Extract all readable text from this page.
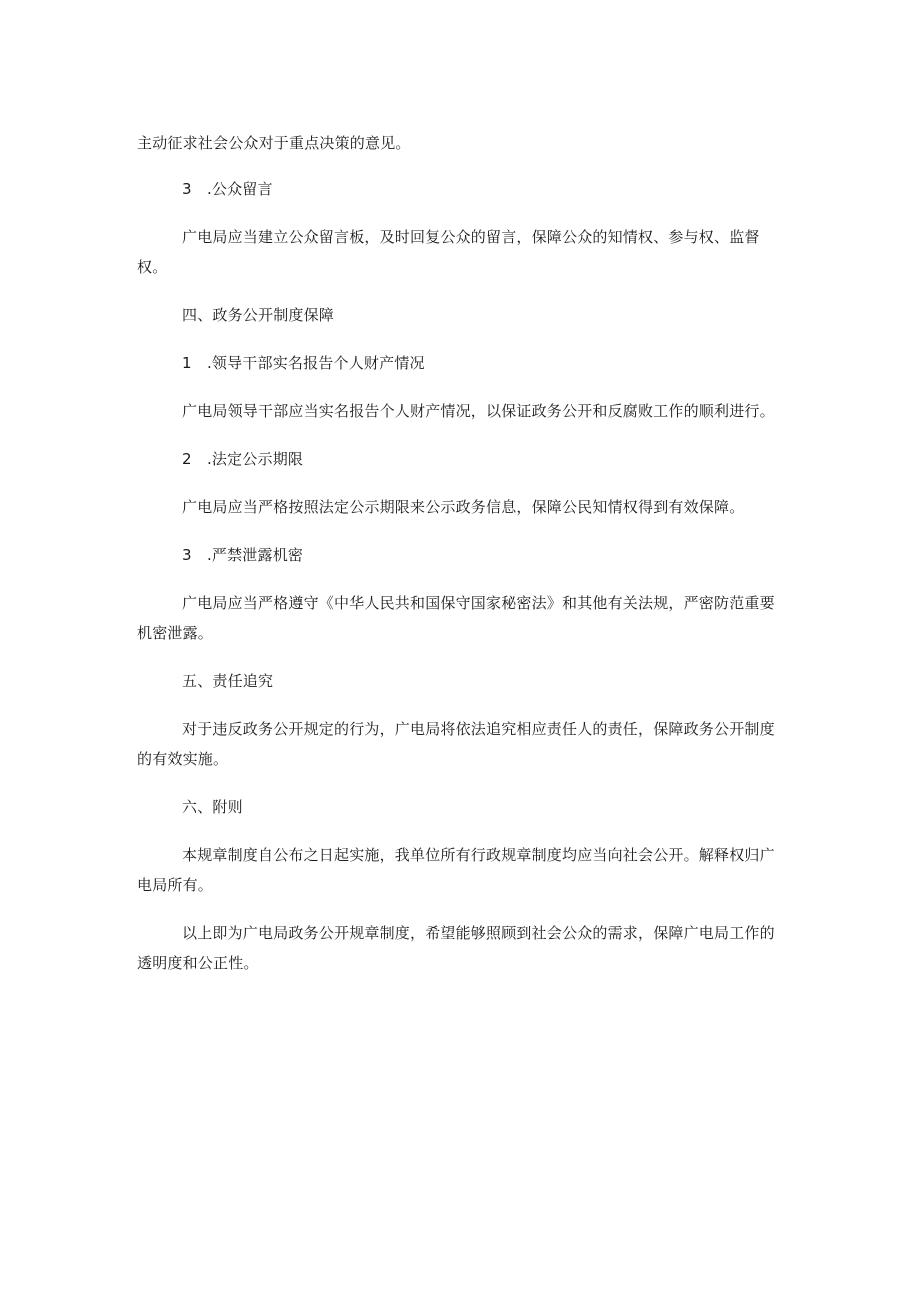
主动征求社会公众对于重点决策的意见。

3　.公众留言

广电局应当建立公众留言板，及时回复公众的留言，保障公众的知情权、参与权、监督权。

四、政务公开制度保障

1　.领导干部实名报告个人财产情况

广电局领导干部应当实名报告个人财产情况，以保证政务公开和反腐败工作的顺利进行。

2　.法定公示期限

广电局应当严格按照法定公示期限来公示政务信息，保障公民知情权得到有效保障。

3　.严禁泄露机密

广电局应当严格遵守《中华人民共和国保守国家秘密法》和其他有关法规，严密防范重要机密泄露。

五、责任追究

对于违反政务公开规定的行为，广电局将依法追究相应责任人的责任，保障政务公开制度的有效实施。

六、附则

本规章制度自公布之日起实施，我单位所有行政规章制度均应当向社会公开。解释权归广电局所有。

以上即为广电局政务公开规章制度，希望能够照顾到社会公众的需求，保障广电局工作的透明度和公正性。
